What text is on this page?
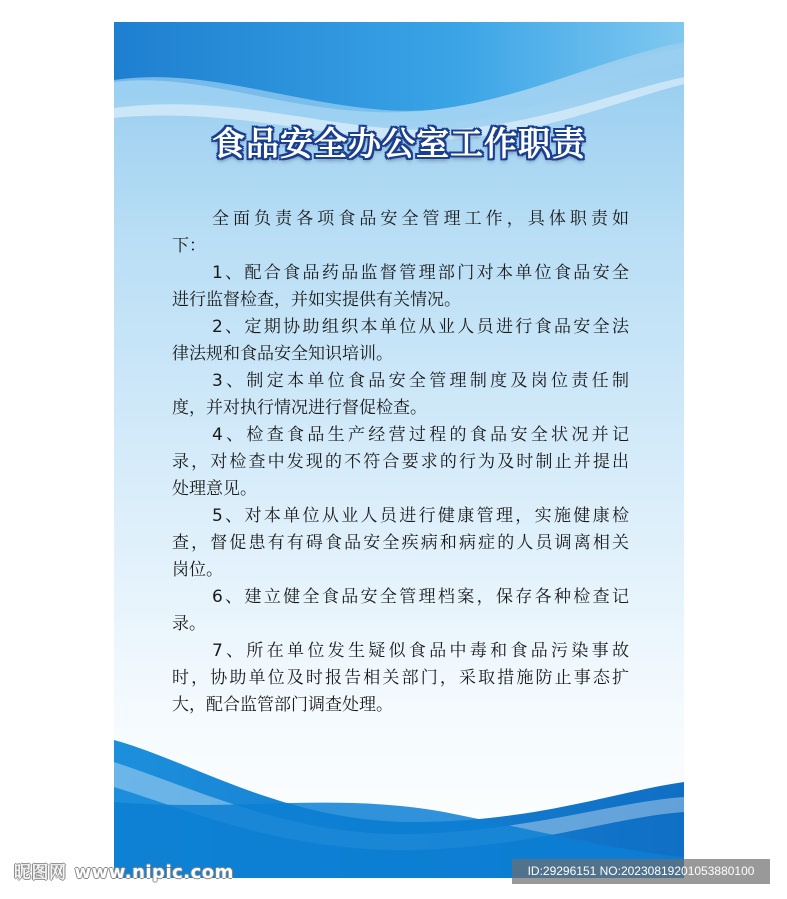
食品安全办公室工作职责
全面负责各项食品安全管理工作，具体职责如
下：
1、配合食品药品监督管理部门对本单位食品安全
进行监督检查，并如实提供有关情况。
2、定期协助组织本单位从业人员进行食品安全法
律法规和食品安全知识培训。
3、制定本单位食品安全管理制度及岗位责任制
度，并对执行情况进行督促检查。
4、检查食品生产经营过程的食品安全状况并记
录，对检查中发现的不符合要求的行为及时制止并提出
处理意见。
5、对本单位从业人员进行健康管理，实施健康检
查，督促患有有碍食品安全疾病和病症的人员调离相关
岗位。
6、建立健全食品安全管理档案，保存各种检查记
录。
7、所在单位发生疑似食品中毒和食品污染事故
时，协助单位及时报告相关部门，采取措施防止事态扩
大，配合监管部门调查处理。
昵图网 www.nipic.com	ID:29296151 NO:20230819201053880100
